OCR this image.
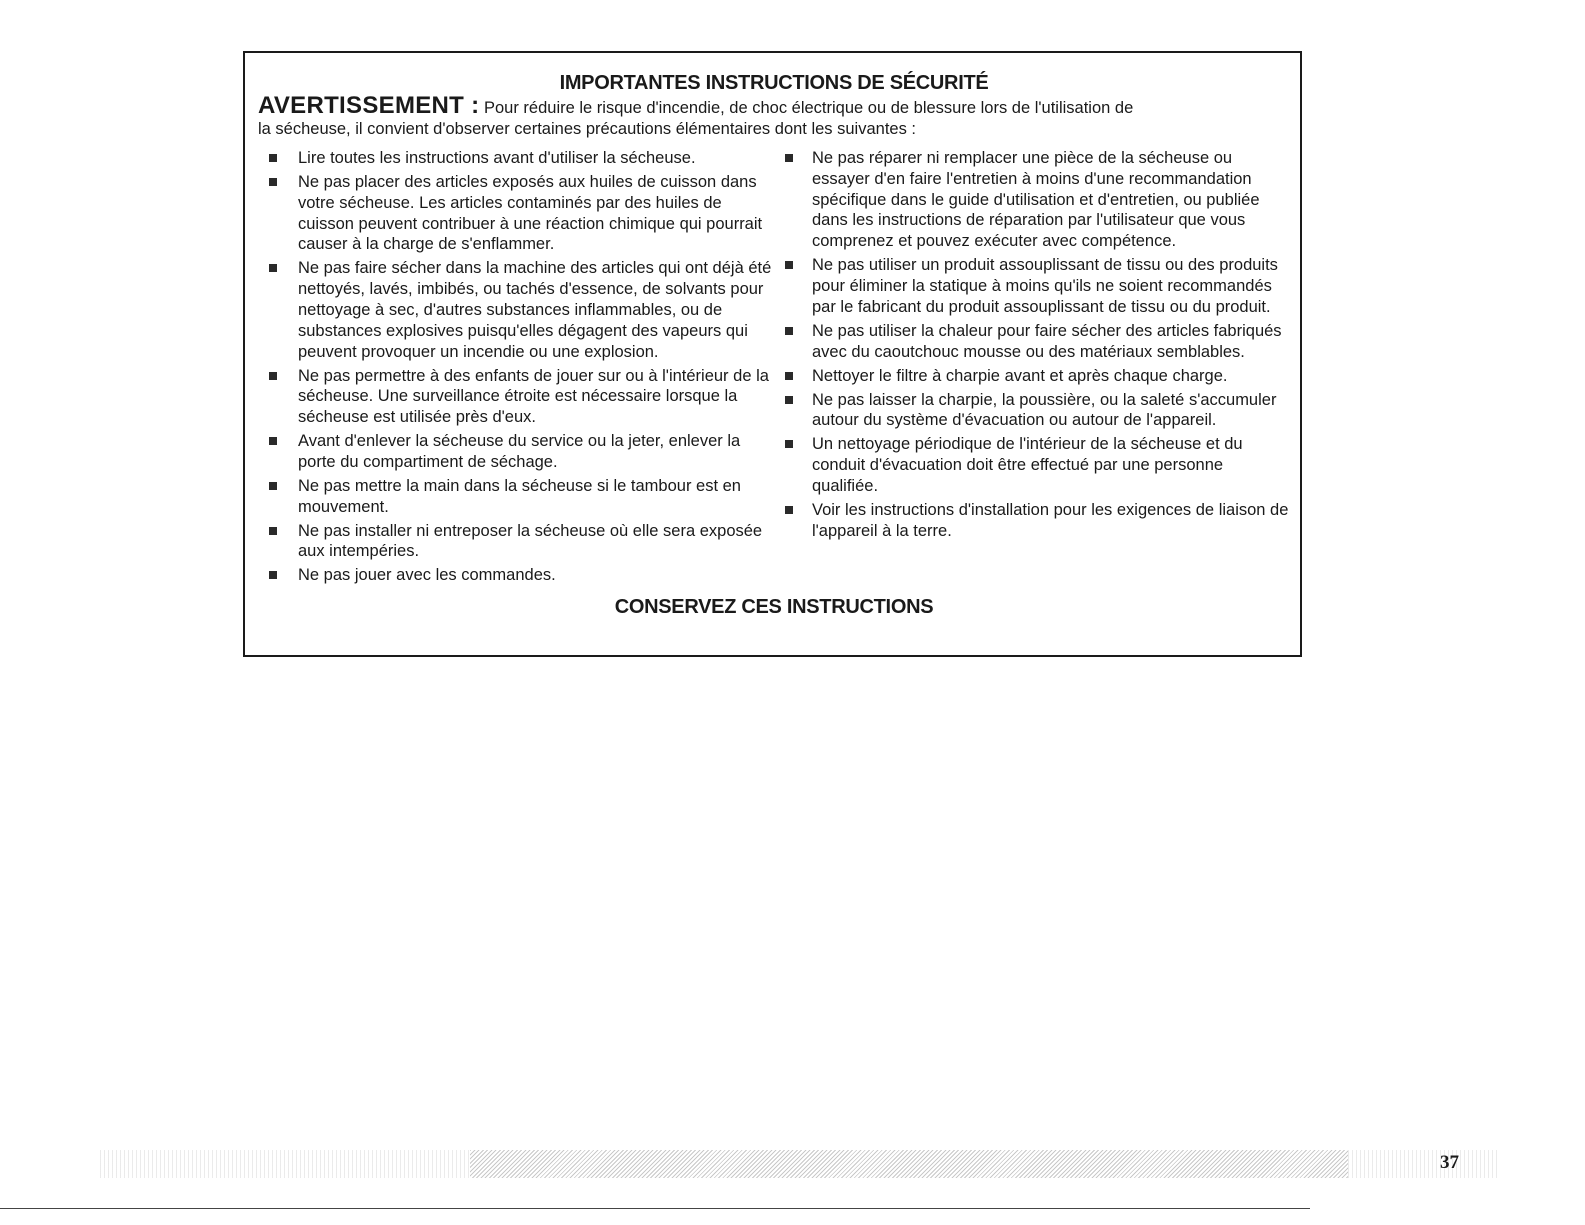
IMPORTANTES INSTRUCTIONS DE SÉCURITÉ

AVERTISSEMENT : Pour réduire le risque d'incendie, de choc électrique ou de blessure lors de l'utilisation de

la sécheuse, il convient d'observer certaines précautions élémentaires dont les suivantes :

Lire toutes les instructions avant d'utiliser la sécheuse.
Ne pas placer des articles exposés aux huiles de cuisson dans votre sécheuse. Les articles contaminés par des huiles de cuisson peuvent contribuer à une réaction chimique qui pourrait causer à la charge de s'enflammer.
Ne pas faire sécher dans la machine des articles qui ont déjà été nettoyés, lavés, imbibés, ou tachés d'essence, de solvants pour nettoyage à sec, d'autres substances inflammables, ou de substances explosives puisqu'elles dégagent des vapeurs qui peuvent provoquer un incendie ou une explosion.
Ne pas permettre à des enfants de jouer sur ou à l'intérieur de la sécheuse. Une surveillance étroite est nécessaire lorsque la sécheuse est utilisée près d'eux.
Avant d'enlever la sécheuse du service ou la jeter, enlever la porte du compartiment de séchage.
Ne pas mettre la main dans la sécheuse si le tambour est en mouvement.
Ne pas installer ni entreposer la sécheuse où elle sera exposée aux intempéries.
Ne pas jouer avec les commandes.
Ne pas réparer ni remplacer une pièce de la sécheuse ou essayer d'en faire l'entretien à moins d'une recommandation spécifique dans le guide d'utilisation et d'entretien, ou publiée dans les instructions de réparation par l'utilisateur que vous comprenez et pouvez exécuter avec compétence.
Ne pas utiliser un produit assouplissant de tissu ou des produits pour éliminer la statique à moins qu'ils ne soient recommandés par le fabricant du produit assouplissant de tissu ou du produit.
Ne pas utiliser la chaleur pour faire sécher des articles fabriqués avec du caoutchouc mousse ou des matériaux semblables.
Nettoyer le filtre à charpie avant et après chaque charge.
Ne pas laisser la charpie, la poussière, ou la saleté s'accumuler autour du système d'évacuation ou autour de l'appareil.
Un nettoyage périodique de l'intérieur de la sécheuse et du conduit d'évacuation doit être effectué par une personne qualifiée.
Voir les instructions d'installation pour les exigences de liaison de l'appareil à la terre.
CONSERVEZ CES INSTRUCTIONS
37
